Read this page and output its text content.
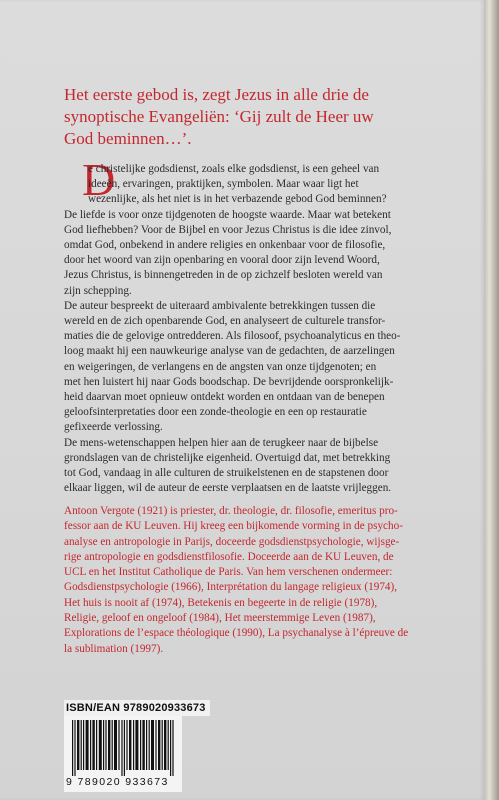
Het eerste gebod is, zegt Jezus in alle drie de
synoptische Evangeliën: ‘Gij zult de Heer uw
God beminnen…’.
D
e christelijke godsdienst, zoals elke godsdienst, is een geheel van
ideeën, ervaringen, praktijken, symbolen. Maar waar ligt het
wezenlijke, als het niet is in het verbazende gebod God beminnen?
De liefde is voor onze tijdgenoten de hoogste waarde. Maar wat betekent
God liefhebben? Voor de Bijbel en voor Jezus Christus is die idee zinvol,
omdat God, onbekend in andere religies en onkenbaar voor de filosofie,
door het woord van zijn openbaring en vooral door zijn levend Woord,
Jezus Christus, is binnengetreden in de op zichzelf besloten wereld van
zijn schepping.
De auteur bespreekt de uiteraard ambivalente betrekkingen tussen die
wereld en de zich openbarende God, en analyseert de culturele transfor-
maties die de gelovige ontredderen. Als filosoof, psychoanalyticus en theo-
loog maakt hij een nauwkeurige analyse van de gedachten, de aarzelingen
en weigeringen, de verlangens en de angsten van onze tijdgenoten; en
met hen luistert hij naar Gods boodschap. De bevrijdende oorspronkelijk-
heid daarvan moet opnieuw ontdekt worden en ontdaan van de benepen
geloofsinterpretaties door een zonde-theologie en een op restauratie
gefixeerde verlossing.
De mens-wetenschappen helpen hier aan de terugkeer naar de bijbelse
grondslagen van de christelijke eigenheid. Overtuigd dat, met betrekking
tot God, vandaag in alle culturen de struikelstenen en de stapstenen door
elkaar liggen, wil de auteur de eerste verplaatsen en de laatste vrijleggen.
Antoon Vergote (1921) is priester, dr. theologie, dr. filosofie, emeritus pro-
fessor aan de KU Leuven. Hij kreeg een bijkomende vorming in de psycho-
analyse en antropologie in Parijs, doceerde godsdienstpsychologie, wijsge-
rige antropologie en godsdienstfilosofie. Doceerde aan de KU Leuven, de
UCL en het Institut Catholique de Paris. Van hem verschenen ondermeer:
Godsdienstpsychologie (1966), Interprétation du langage religieux (1974),
Het huis is nooit af (1974), Betekenis en begeerte in de religie (1978),
Religie, geloof en ongeloof (1984), Het meerstemmige Leven (1987),
Explorations de l’espace théologique (1990), La psychanalyse à l’épreuve de
la sublimation (1997).
ISBN/EAN 9789020933673
9 789020 933673
